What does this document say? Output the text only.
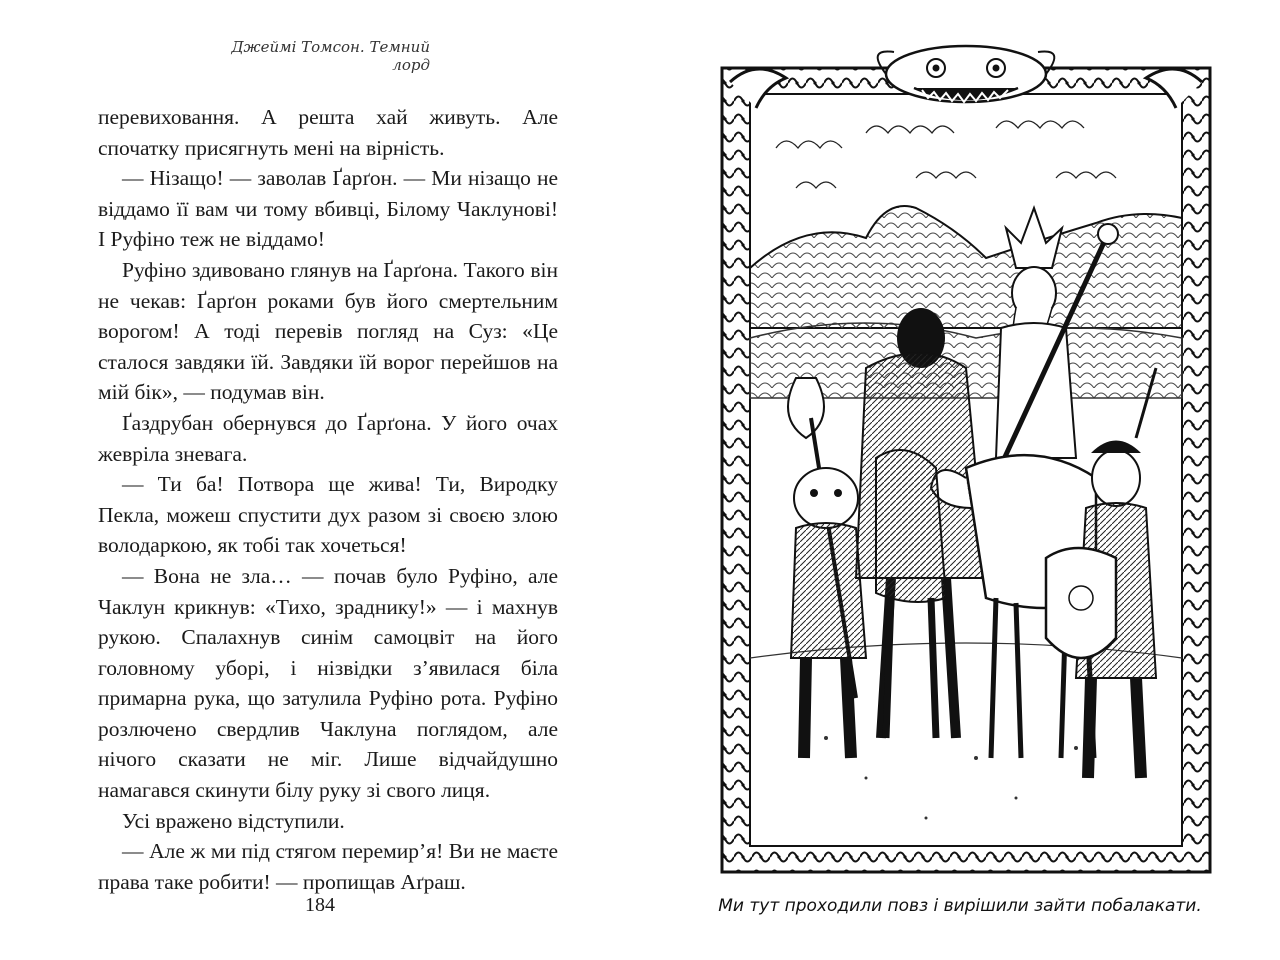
Джеймі Томсон. Темний лорд

перевиховання. А решта хай живуть. Але спочатку присягнуть мені на вірність.

— Нізащо! — заволав Ґарґон. — Ми нізащо не віддамо її вам чи тому вбивці, Білому Чаклунові! І Руфіно теж не віддамо!

Руфіно здивовано глянув на Ґарґона. Такого він не чекав: Ґарґон роками був його смертельним ворогом! А тоді перевів погляд на Суз: «Це сталося завдяки їй. Завдяки їй ворог перейшов на мій бік», — подумав він.

Ґаздрубан обернувся до Ґарґона. У його очах жевріла зневага.

— Ти ба! Потвора ще жива! Ти, Виродку Пекла, можеш спустити дух разом зі своєю злою володаркою, як тобі так хочеться!

— Вона не зла… — почав було Руфіно, але Чаклун крикнув: «Тихо, зраднику!» — і махнув рукою. Спалахнув синім самоцвіт на його головному уборі, і нізвідки з’явилася біла примарна рука, що затулила Руфіно рота. Руфіно розлючено свердлив Чаклуна поглядом, але нічого сказати не міг. Лише відчайдушно намагався скинути білу руку зі свого лиця.

Усі вражено відступили.

— Але ж ми під стягом перемир’я! Ви не маєте права таке робити! — пропищав Аґраш.

184	Ми тут проходили повз і вирішили зайти побалакати.
